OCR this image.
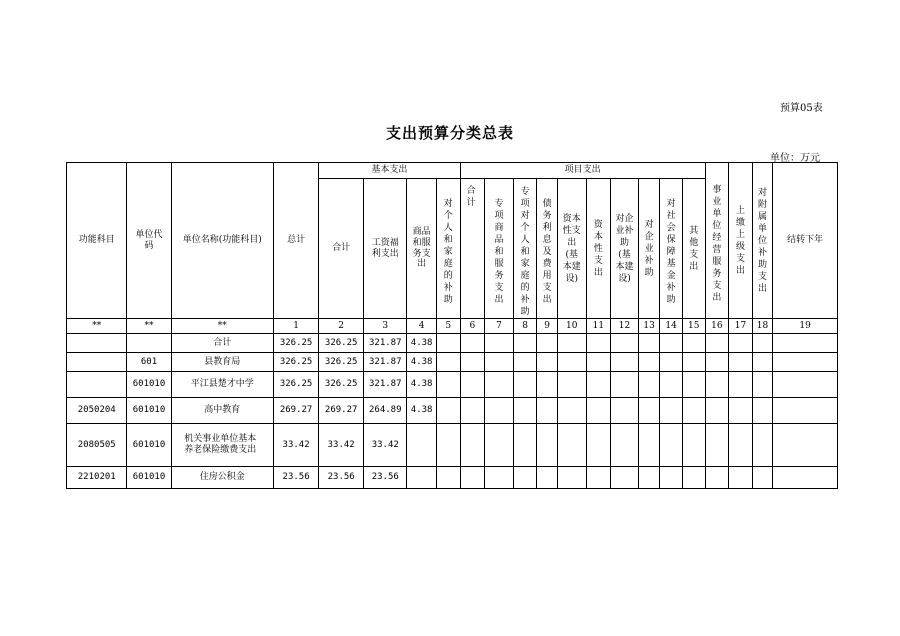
预算05表
支出预算分类总表
单位：万元
功能科目	单位代码	单位名称(功能科目)	总计	基本支出				项目支出										事业单位经营服务支出	上缴上级支出	对附属单位补助支出	结转下年
				合计	工资福利支出	商品和服务支出	对个人和家庭的补助	合计	专项商品和服务支出	专项对个人和家庭的补助	债务利息及费用支出	资本性支出(基本建设)	资本性支出	对企业补助(基本建设)	对企业补助	对社会保障基金补助	其他支出				
**	**	**	1	2	3	4	5	6	7	8	9	10	11	12	13	14	15	16	17	18	19
		合计	326.25	326.25	321.87	4.38															
	601	县教育局	326.25	326.25	321.87	4.38															
	601010	平江县楚才中学	326.25	326.25	321.87	4.38															
2050204	601010	高中教育	269.27	269.27	264.89	4.38															
2080505	601010	机关事业单位基本养老保险缴费支出	33.42	33.42	33.42																
2210201	601010	住房公积金	23.56	23.56	23.56																
